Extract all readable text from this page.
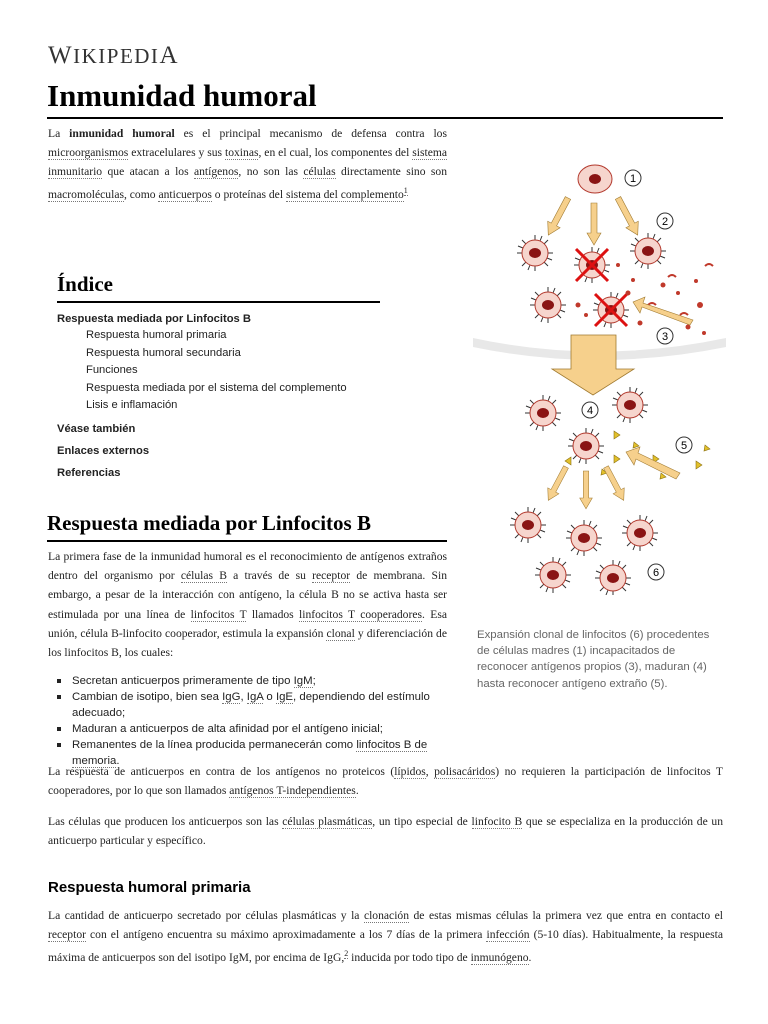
WIKIPEDIA
Inmunidad humoral

La inmunidad humoral es el principal mecanismo de defensa contra los microorganismos extracelulares y sus toxinas, en el cual, los componentes del sistema inmunitario que atacan a los antígenos, no son las células directamente sino son macromoléculas, como anticuerpos o proteínas del sistema del complemento$^1$

Índice
Respuesta mediada por Linfocitos B
Respuesta humoral primaria
Respuesta humoral secundaria
Funciones
Respuesta mediada por el sistema del complemento
Lisis e inflamación
Véase también
Enlaces externos
Referencias
Respuesta mediada por Linfocitos B

La primera fase de la inmunidad humoral es el reconocimiento de antígenos extraños dentro del organismo por células B a través de su receptor de membrana. Sin embargo, a pesar de la interacción con antígeno, la célula B no se activa hasta ser estimulada por una línea de linfocitos T llamados linfocitos T cooperadores. Esa unión, célula B-linfocito cooperador, estimula la expansión clonal y diferenciación de los linfocitos B, los cuales:

Secretan anticuerpos primeramente de tipo IgM;
Cambian de isotipo, bien sea IgG, IgA o IgE, dependiendo del estímulo adecuado;
Maduran a anticuerpos de alta afinidad por el antígeno inicial;
Remanentes de la línea producida permanecerán como linfocitos B de memoria.

La respuesta de anticuerpos en contra de los antígenos no proteicos (lípidos, polisacáridos) no requieren la participación de linfocitos T cooperadores, por lo que son llamados antígenos T-independientes.

Las células que producen los anticuerpos son las células plasmáticas, un tipo especial de linfocito B que se especializa en la producción de un anticuerpo particular y específico.

Respuesta humoral primaria

La cantidad de anticuerpo secretado por células plasmáticas y la clonación de estas mismas células la primera vez que entra en contacto el receptor con el antígeno encuentra su máximo aproximadamente a los 7 días de la primera infección (5-10 días). Habitualmente, la respuesta máxima de anticuerpos son del isotipo IgM, por encima de IgG,$^2$ inducida por todo tipo de inmunógeno.

1
2
3
4
5
6
Expansión clonal de linfocitos (6) procedentes de células madres (1) incapacitados de reconocer antígenos propios (3), maduran (4) hasta reconocer antígeno extraño (5).
